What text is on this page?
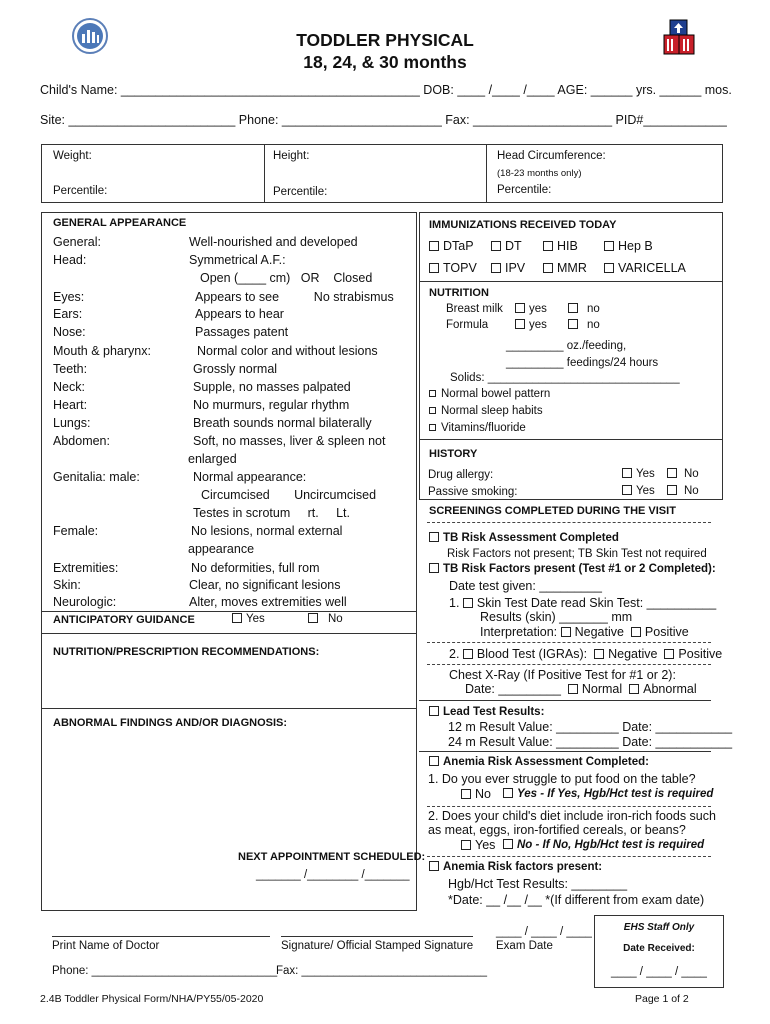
TODDLER PHYSICAL
18, 24, & 30 months
Child's Name: ___________________________________________ DOB: ____ /____ /____ AGE: ______ yrs. ______ mos.
Site: ________________________ Phone: _______________________ Fax: ____________________ PID#____________
Weight:
Percentile:
Height:
Percentile:
Head Circumference:
(18-23 months only)
Percentile:
GENERAL APPEARANCE
General:	Well-nourished and developed
Head:	Symmetrical A.F.:
Open (____ cm)   OR    Closed
Eyes:	Appears to see          No strabismus
Ears:	Appears to hear
Nose:	Passages patent
Mouth & pharynx:	Normal color and without lesions
Teeth:	Grossly normal
Neck:	Supple, no masses palpated
Heart:	No murmurs, regular rhythm
Lungs:	Breath sounds normal bilaterally
Abdomen:	Soft, no masses, liver & spleen not
enlarged
Genitalia: male:	Normal appearance:
Circumcised       Uncircumcised
Testes in scrotum     rt.     Lt.
Female:	No lesions, normal external
appearance
Extremities:	No deformities, full rom
Skin:	Clear, no significant lesions
Neurologic:	Alter, moves extremities well
ANTICIPATORY GUIDANCE	Yes	No
NUTRITION/PRESCRIPTION RECOMMENDATIONS:
ABNORMAL FINDINGS AND/OR DIAGNOSIS:
NEXT APPOINTMENT SCHEDULED:
_______ /________ /_______
IMMUNIZATIONS RECEIVED TODAY
DTaP	DT	HIB	Hep B
TOPV	IPV	MMR	VARICELLA
NUTRITION
Breast milk	yes	no
Formula	yes	no
_________ oz./feeding,
_________ feedings/24 hours
Solids: ______________________________
Normal bowel pattern
Normal sleep habits
Vitamins/fluoride
HISTORY
Drug allergy:	Yes	No
Passive smoking:	Yes	No
SCREENINGS COMPLETED DURING THE VISIT
TB Risk Assessment Completed
Risk Factors not present; TB Skin Test not required
TB Risk Factors present (Test #1 or 2 Completed):
Date test given: _________
1. Skin Test Date read Skin Test: __________
Results (skin) _______ mm
Interpretation: Negative Positive
2. Blood Test (IGRAs): Negative Positive
Chest X-Ray (If Positive Test for #1 or 2):
Date: _________ Normal Abnormal
Lead Test Results:
12 m Result Value: _________ Date: ___________
24 m Result Value: _________ Date: ___________
Anemia Risk Assessment Completed:
1. Do you ever struggle to put food on the table?
No	Yes - If Yes, Hgb/Hct test is required
2. Does your child's diet include iron-rich foods such
as meat, eggs, iron-fortified cereals, or beans?
Yes	No - If No, Hgb/Hct test is required
Anemia Risk factors present:
Hgb/Hct Test Results: ________
*Date: __ /__ /__ *(If different from exam date)
Print Name of Doctor	Signature/ Official Stamped Signature
____ / ____ / ____
Exam Date
Phone: _____________________________
Fax: _____________________________
EHS Staff Only
Date Received:
____ / ____ / ____
2.4B Toddler Physical Form/NHA/PY55/05-2020	Page 1 of 2
